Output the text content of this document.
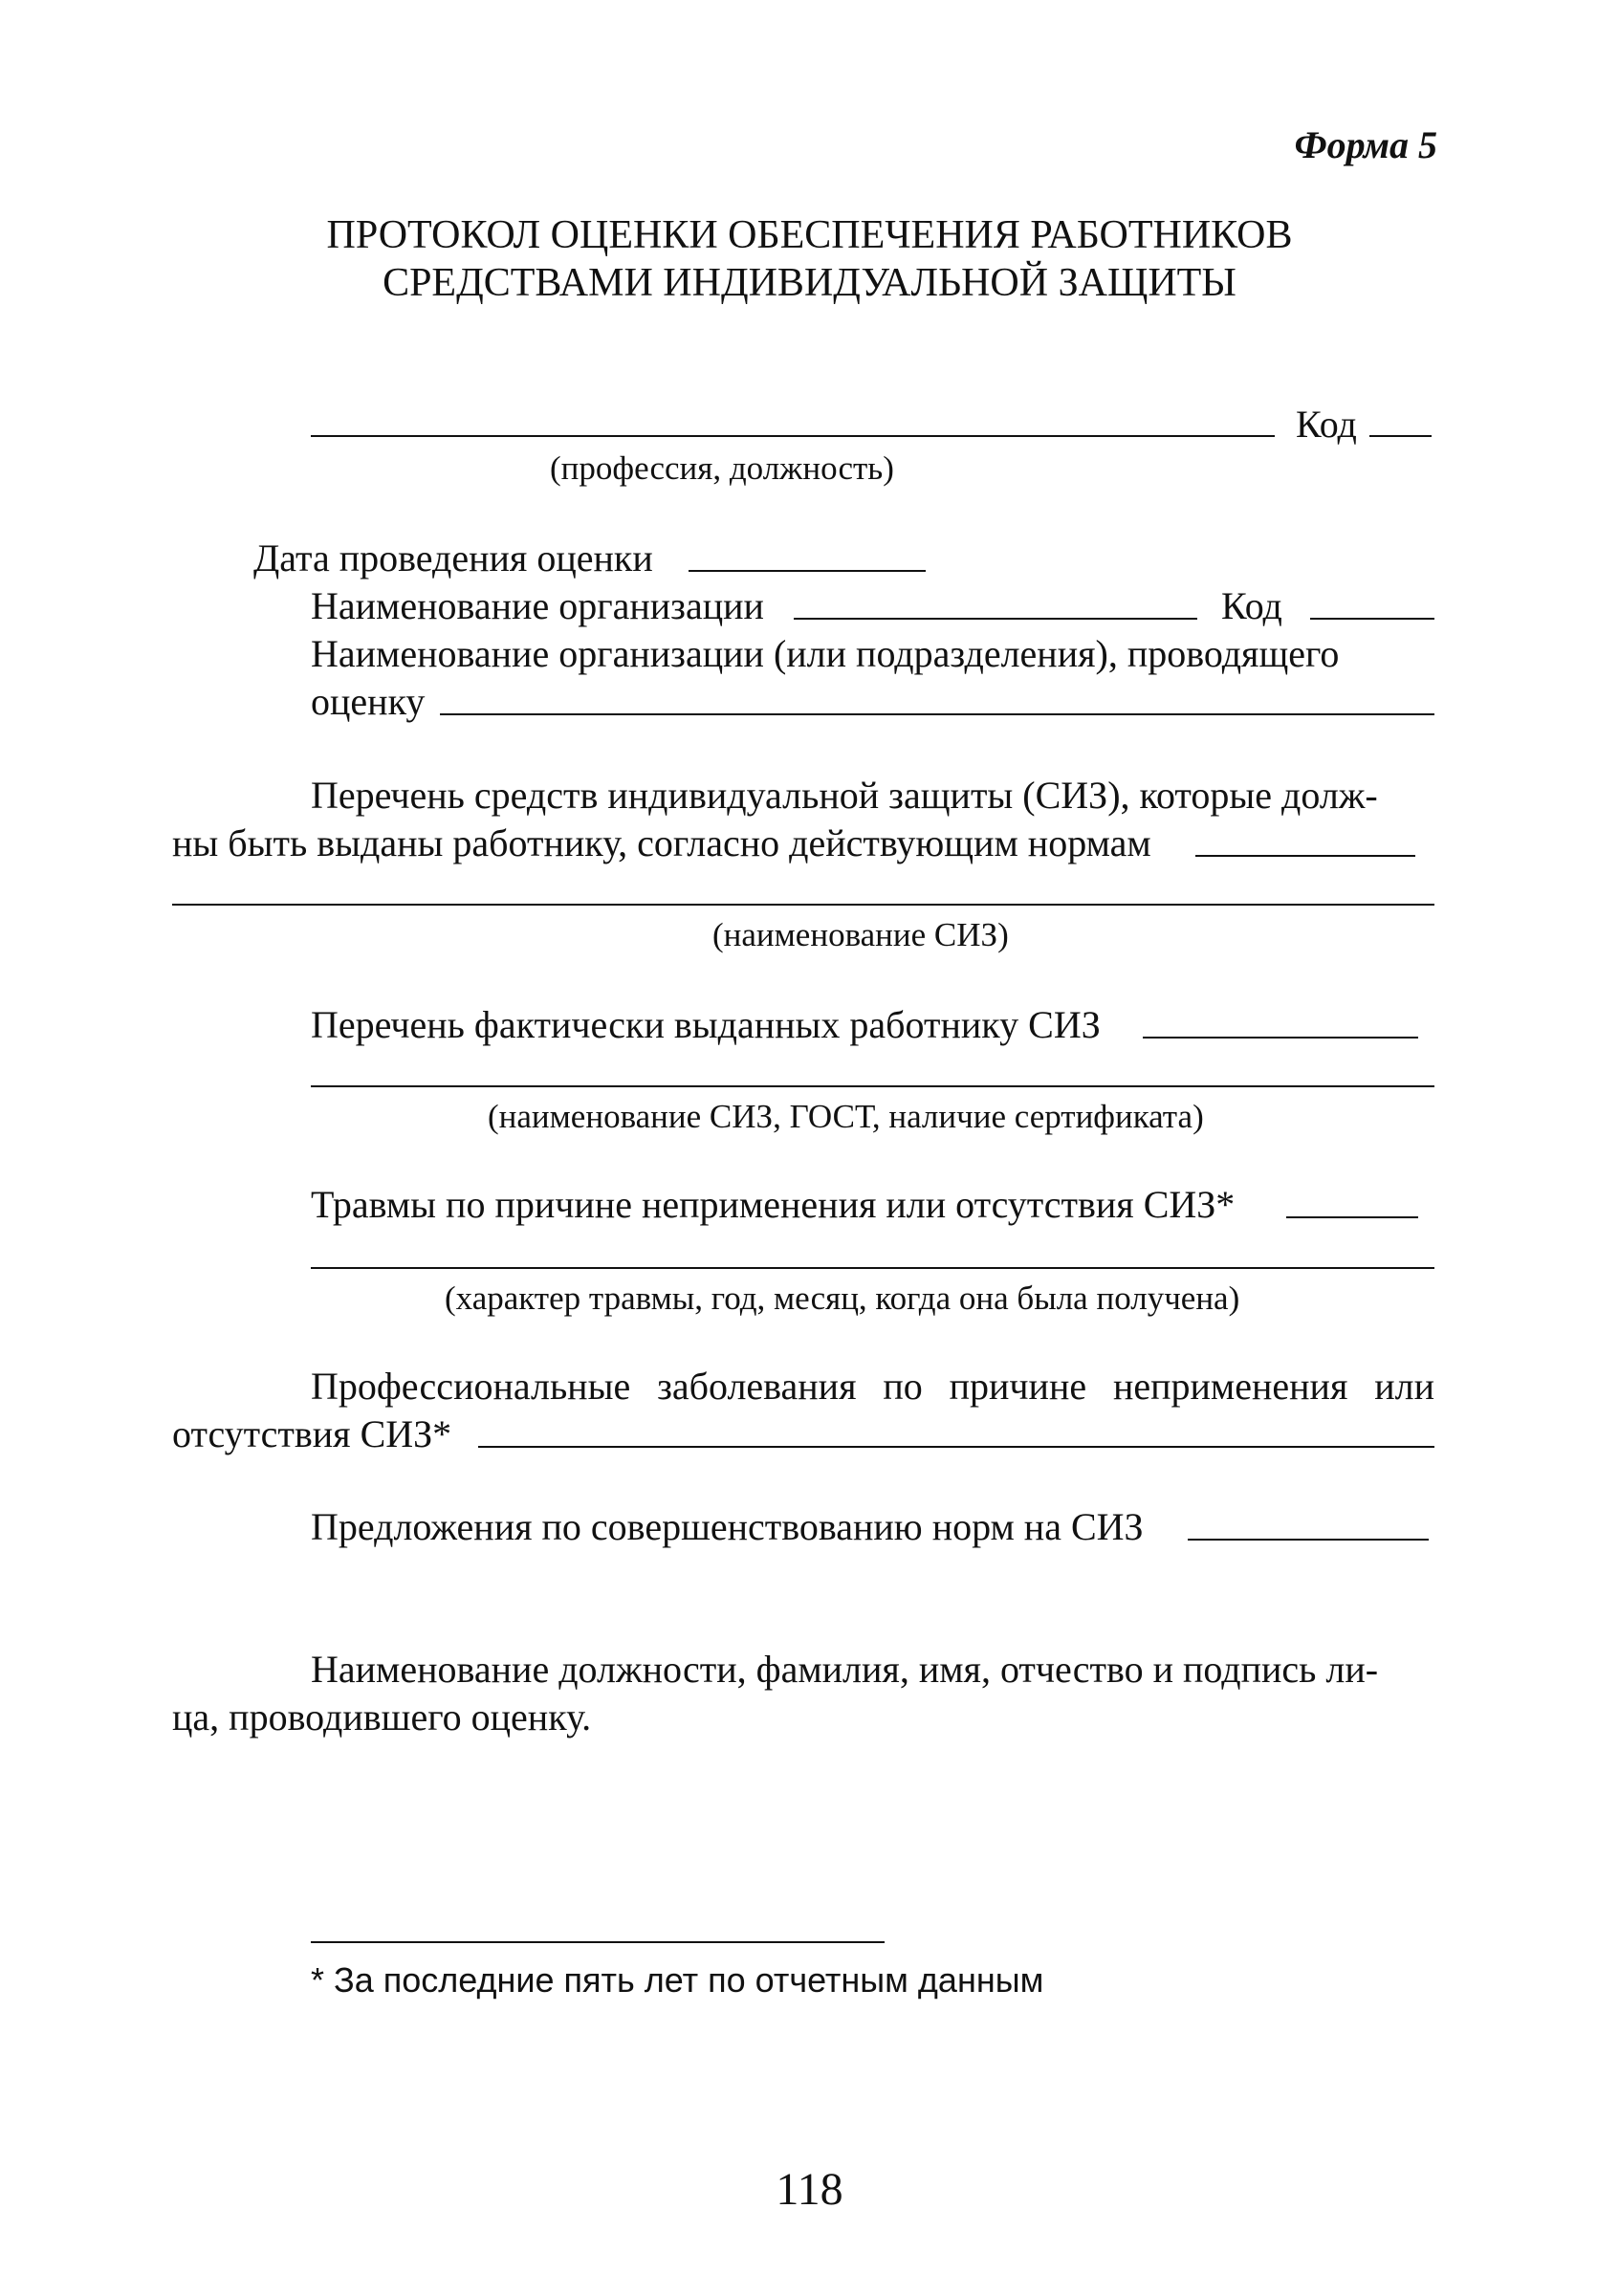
Форма 5
ПРОТОКОЛ ОЦЕНКИ ОБЕСПЕЧЕНИЯ РАБОТНИКОВ
СРЕДСТВАМИ ИНДИВИДУАЛЬНОЙ ЗАЩИТЫ
Код
(профессия, должность)
Дата проведения оценки
Наименование организации	Код
Наименование организации (или подразделения), проводящего
оценку
Перечень средств индивидуальной защиты (СИЗ), которые долж-
ны быть выданы работнику, согласно действующим нормам
(наименование СИЗ)
Перечень фактически выданных работнику СИЗ
(наименование СИЗ, ГОСТ, наличие сертификата)
Травмы по причине неприменения или отсутствия СИЗ*
(характер травмы, год, месяц, когда она была получена)
Профессиональные заболевания по причине неприменения или
отсутствия СИЗ*
Предложения по совершенствованию норм на СИЗ
Наименование должности, фамилия, имя, отчество и подпись ли-
ца, проводившего оценку.
* За последние пять лет по отчетным данным
118
